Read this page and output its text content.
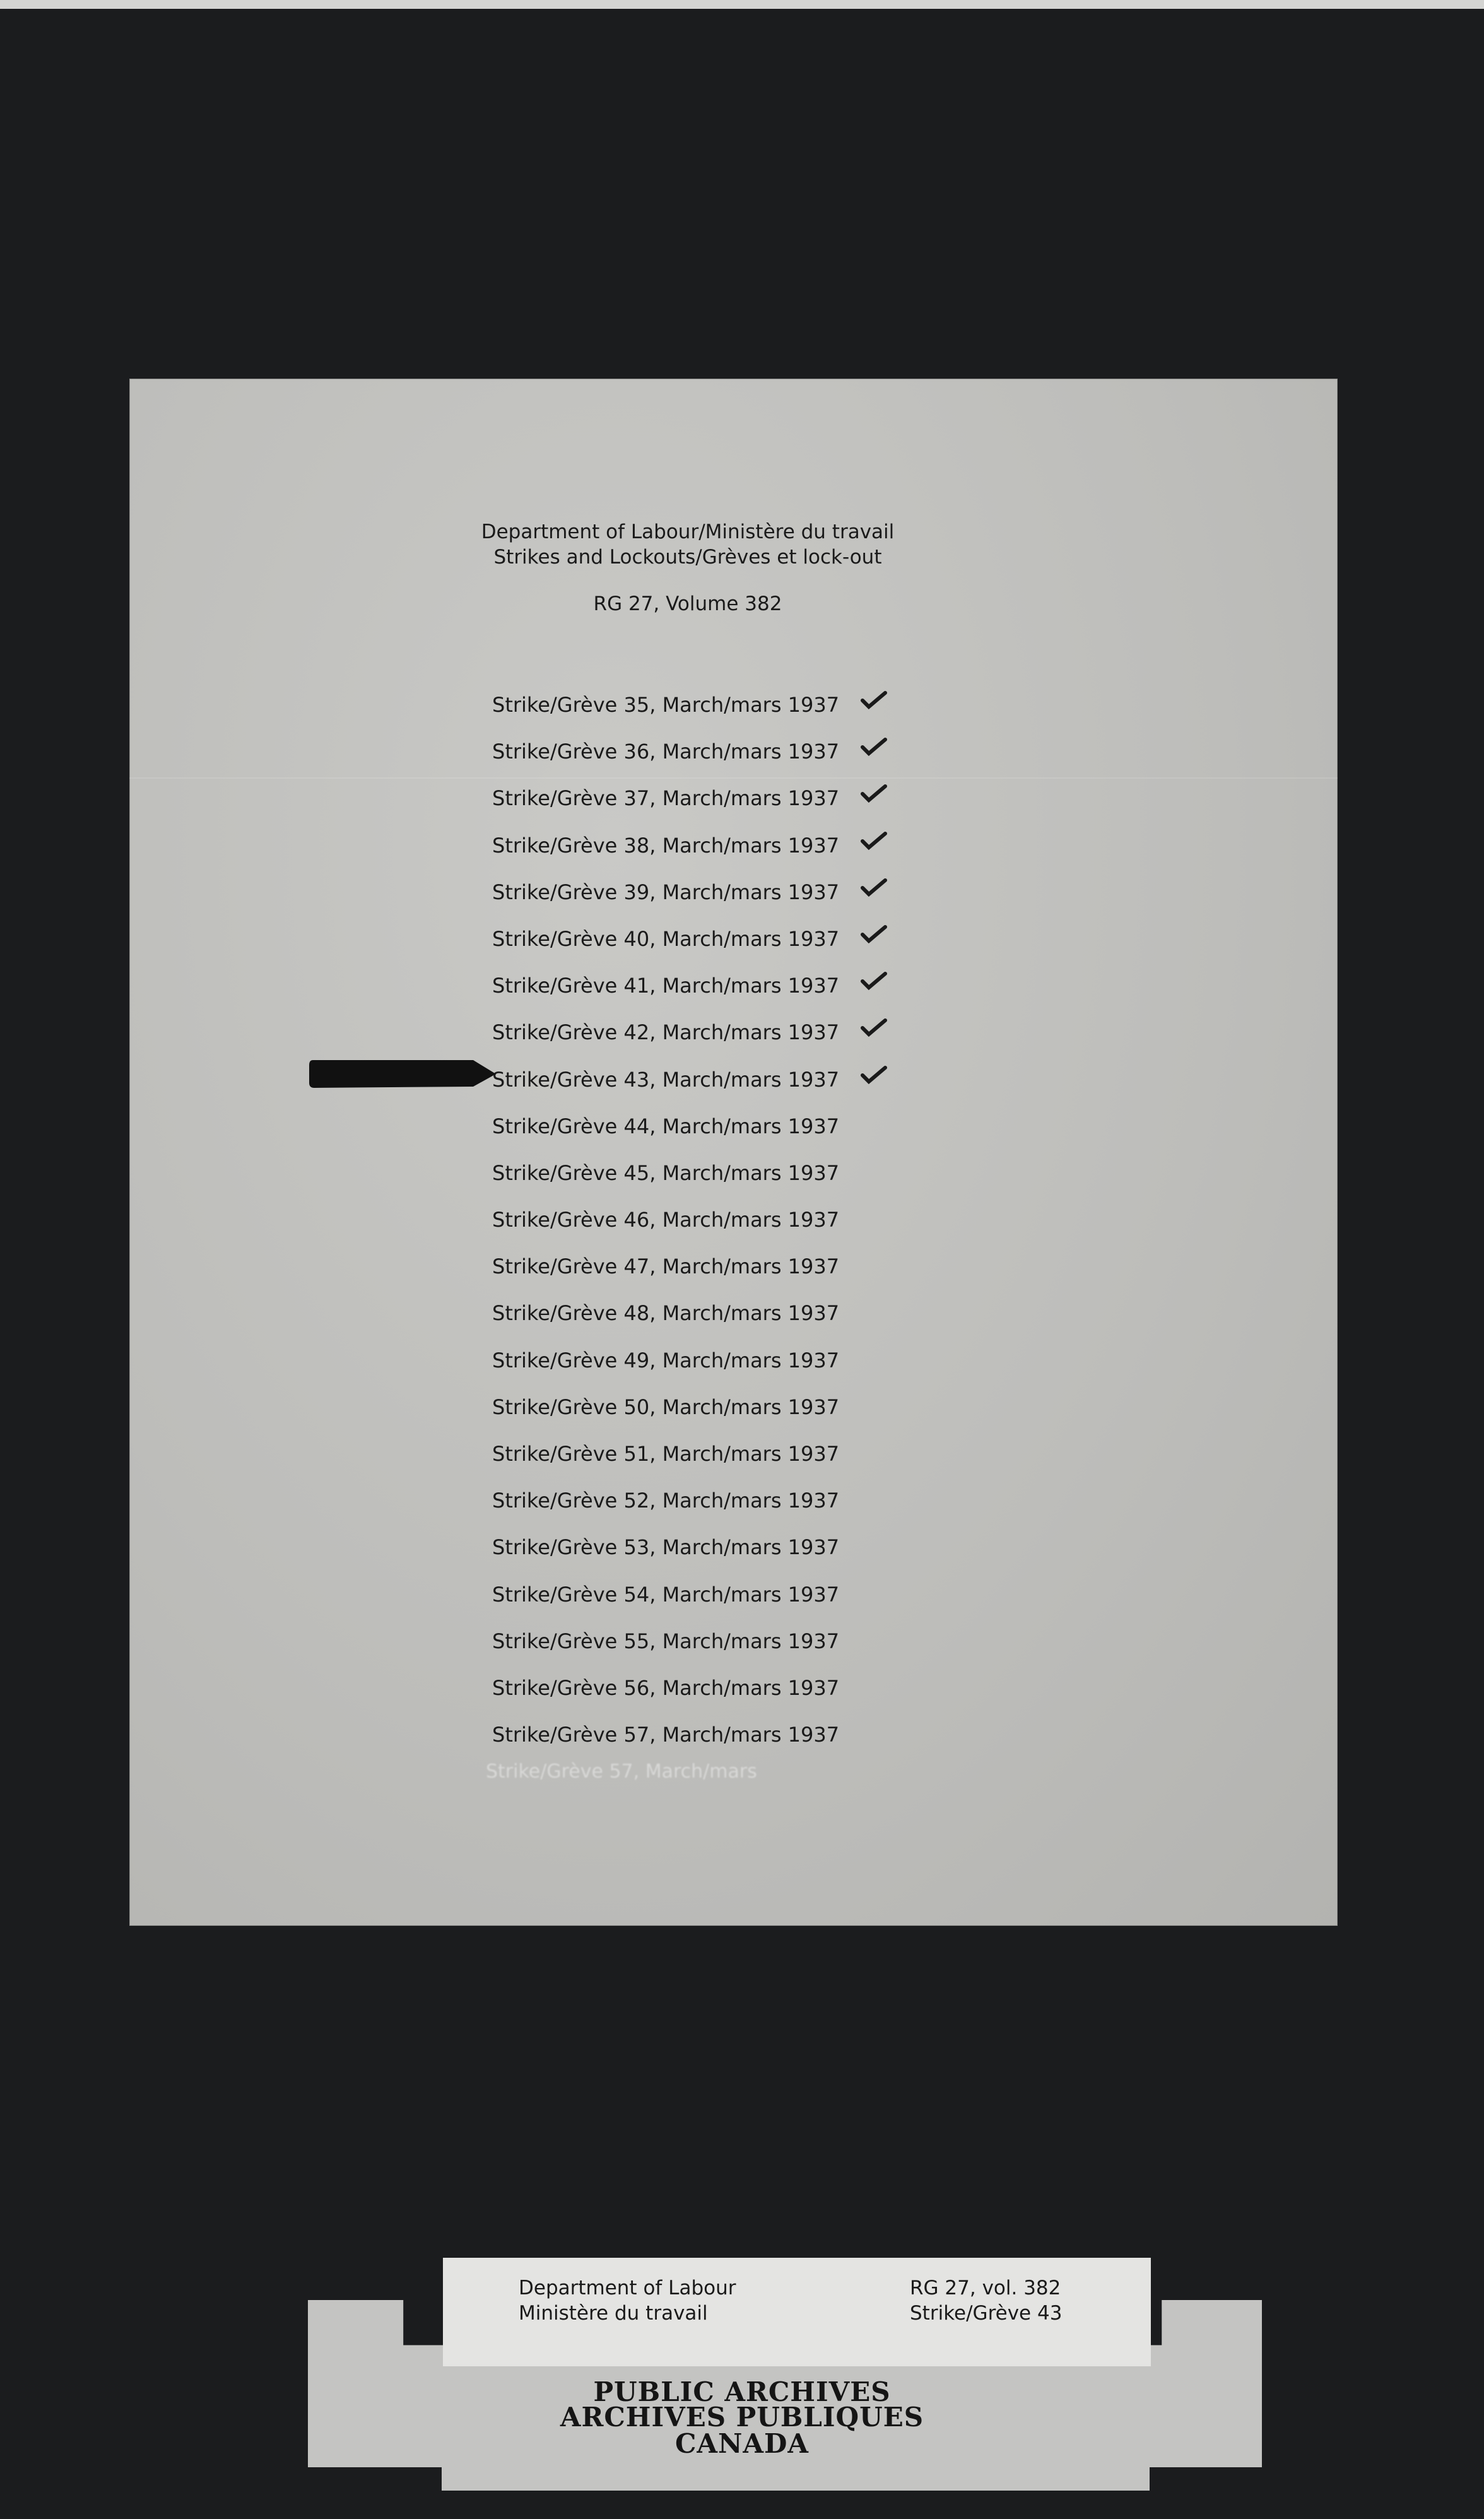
Department of Labour/Ministère du travail
Strikes and Lockouts/Grèves et lock-out
RG 27, Volume 382
Strike/Grève 35, March/mars 1937
Strike/Grève 36, March/mars 1937
Strike/Grève 37, March/mars 1937
Strike/Grève 38, March/mars 1937
Strike/Grève 39, March/mars 1937
Strike/Grève 40, March/mars 1937
Strike/Grève 41, March/mars 1937
Strike/Grève 42, March/mars 1937
Strike/Grève 43, March/mars 1937
Strike/Grève 44, March/mars 1937
Strike/Grève 45, March/mars 1937
Strike/Grève 46, March/mars 1937
Strike/Grève 47, March/mars 1937
Strike/Grève 48, March/mars 1937
Strike/Grève 49, March/mars 1937
Strike/Grève 50, March/mars 1937
Strike/Grève 51, March/mars 1937
Strike/Grève 52, March/mars 1937
Strike/Grève 53, March/mars 1937
Strike/Grève 54, March/mars 1937
Strike/Grève 55, March/mars 1937
Strike/Grève 56, March/mars 1937
Strike/Grève 57, March/mars 1937
Strike/Grève 57, March/mars
Department of Labour
Ministère du travail
RG 27, vol. 382
Strike/Grève 43
PUBLIC ARCHIVES
ARCHIVES PUBLIQUES
CANADA
